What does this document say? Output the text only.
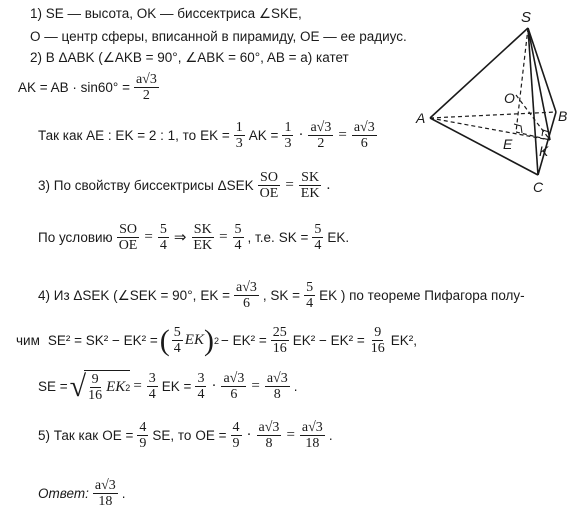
1) SE — высота, OK — биссектриса ∠SKE,
O — центр сферы, вписанной в пирамиду, OE — ее радиус.
2) В ΔABK (∠AKB = 90°, ∠ABK = 60°, AB = a) катет
AK = AB · $\sin 60^\circ = \frac{a√3}{2}$
Так как AE : EK = 2 : 1, то EK = $\frac{1}{3}$ AK = $\frac{1}{3} \cdot \frac{a√3}{2} = \frac{a√3}{6}$
3) По свойству биссектрисы ΔSEK $\frac{SO}{OE} = \frac{SK}{EK}$ .
По условию $\frac{SO}{OE} = \frac{5}{4}$ ⇒ $\frac{SK}{EK} = \frac{5}{4}$ , т.е. SK = $\frac{5}{4}$ EK.
4) Из ΔSEK (∠SEK = 90°, EK = $\frac{a√3}{6}$ , SK = $\frac{5}{4}$ EK ) по теореме Пифагора полу-
чим SE² = SK² − EK² = ( 5
4
EK ) $2 - EK^2 = \frac{25}{16} EK^2 - EK^2 = \frac{9}{16} EK^2$,
SE = √ 9
16
EK $2 = \frac{3}{4}$ EK = $\frac{3}{4} \cdot \frac{a√3}{6} = \frac{a√3}{8}$ .
5) Так как OE = $\frac{4}{9}$ SE, то OE = $\frac{4}{9} \cdot \frac{a√3}{8} = \frac{a√3}{18}$ .
Ответ:
a√3
18
.
S
O
A	B
E K
C
